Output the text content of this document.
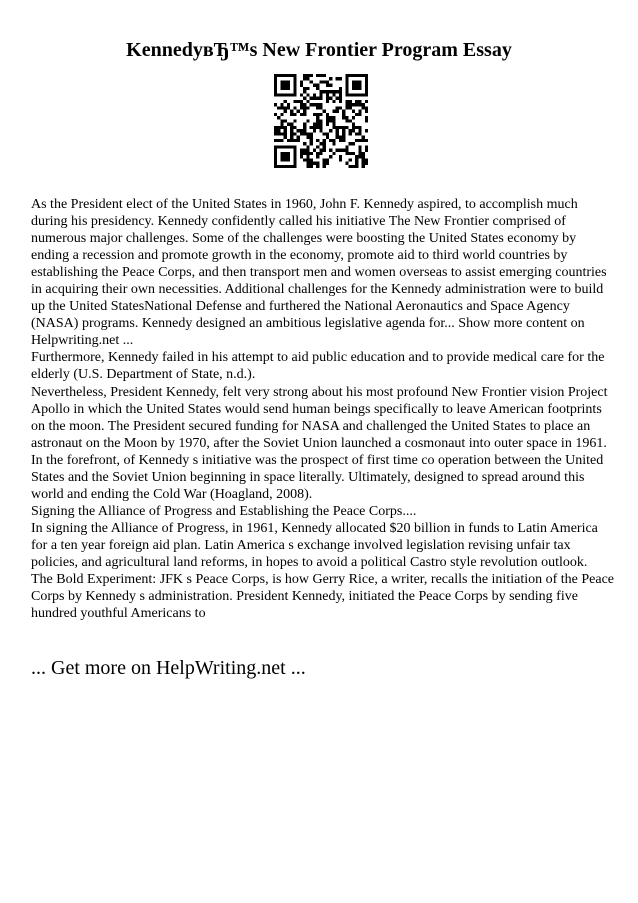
KennedyвЂ™s New Frontier Program Essay

As the President elect of the United States in 1960, John F. Kennedy aspired, to accomplish much during his presidency. Kennedy confidently called his initiative The New Frontier comprised of numerous major challenges. Some of the challenges were boosting the United States economy by ending a recession and promote growth in the economy, promote aid to third world countries by establishing the Peace Corps, and then transport men and women overseas to assist emerging countries in acquiring their own necessities. Additional challenges for the Kennedy administration were to build up the United StatesNational Defense and furthered the National Aeronautics and Space Agency (NASA) programs. Kennedy designed an ambitious legislative agenda for... Show more content on Helpwriting.net ...

Furthermore, Kennedy failed in his attempt to aid public education and to provide medical care for the elderly (U.S. Department of State, n.d.).

Nevertheless, President Kennedy, felt very strong about his most profound New Frontier vision Project Apollo in which the United States would send human beings specifically to leave American footprints on the moon. The President secured funding for NASA and challenged the United States to place an astronaut on the Moon by 1970, after the Soviet Union launched a cosmonaut into outer space in 1961. In the forefront, of Kennedy s initiative was the prospect of first time co operation between the United States and the Soviet Union beginning in space literally. Ultimately, designed to spread around this world and ending the Cold War (Hoagland, 2008).

Signing the Alliance of Progress and Establishing the Peace Corps....

In signing the Alliance of Progress, in 1961, Kennedy allocated $20 billion in funds to Latin America for a ten year foreign aid plan. Latin America s exchange involved legislation revising unfair tax policies, and agricultural land reforms, in hopes to avoid a political Castro style revolution outlook.

The Bold Experiment: JFK s Peace Corps, is how Gerry Rice, a writer, recalls the initiation of the Peace Corps by Kennedy s administration. President Kennedy, initiated the Peace Corps by sending five hundred youthful Americans to

... Get more on HelpWriting.net ...
